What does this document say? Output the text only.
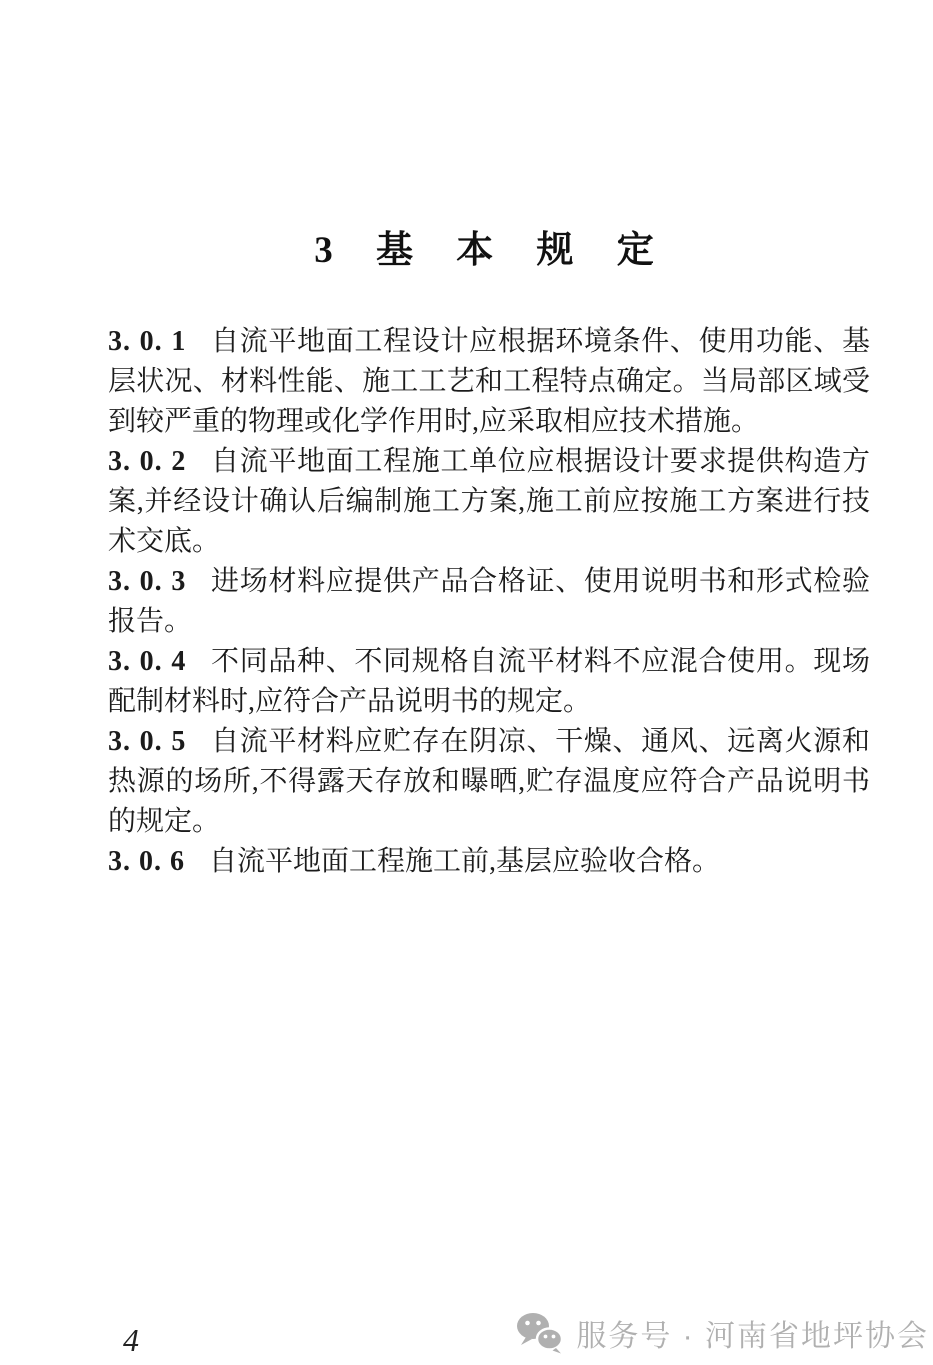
3 基 本 规 定

3. 0. 1 自流平地面工程设计应根据环境条件、使用功能、基层状况、材料性能、施工工艺和工程特点确定。当局部区域受到较严重的物理或化学作用时,应采取相应技术措施。

3. 0. 2 自流平地面工程施工单位应根据设计要求提供构造方案,并经设计确认后编制施工方案,施工前应按施工方案进行技术交底。

3. 0. 3 进场材料应提供产品合格证、使用说明书和形式检验报告。

3. 0. 4 不同品种、不同规格自流平材料不应混合使用。现场配制材料时,应符合产品说明书的规定。

3. 0. 5 自流平材料应贮存在阴凉、干燥、通风、远离火源和热源的场所,不得露天存放和曝晒,贮存温度应符合产品说明书的规定。

3. 0. 6 自流平地面工程施工前,基层应验收合格。

4	服务号 · 河南省地坪协会
